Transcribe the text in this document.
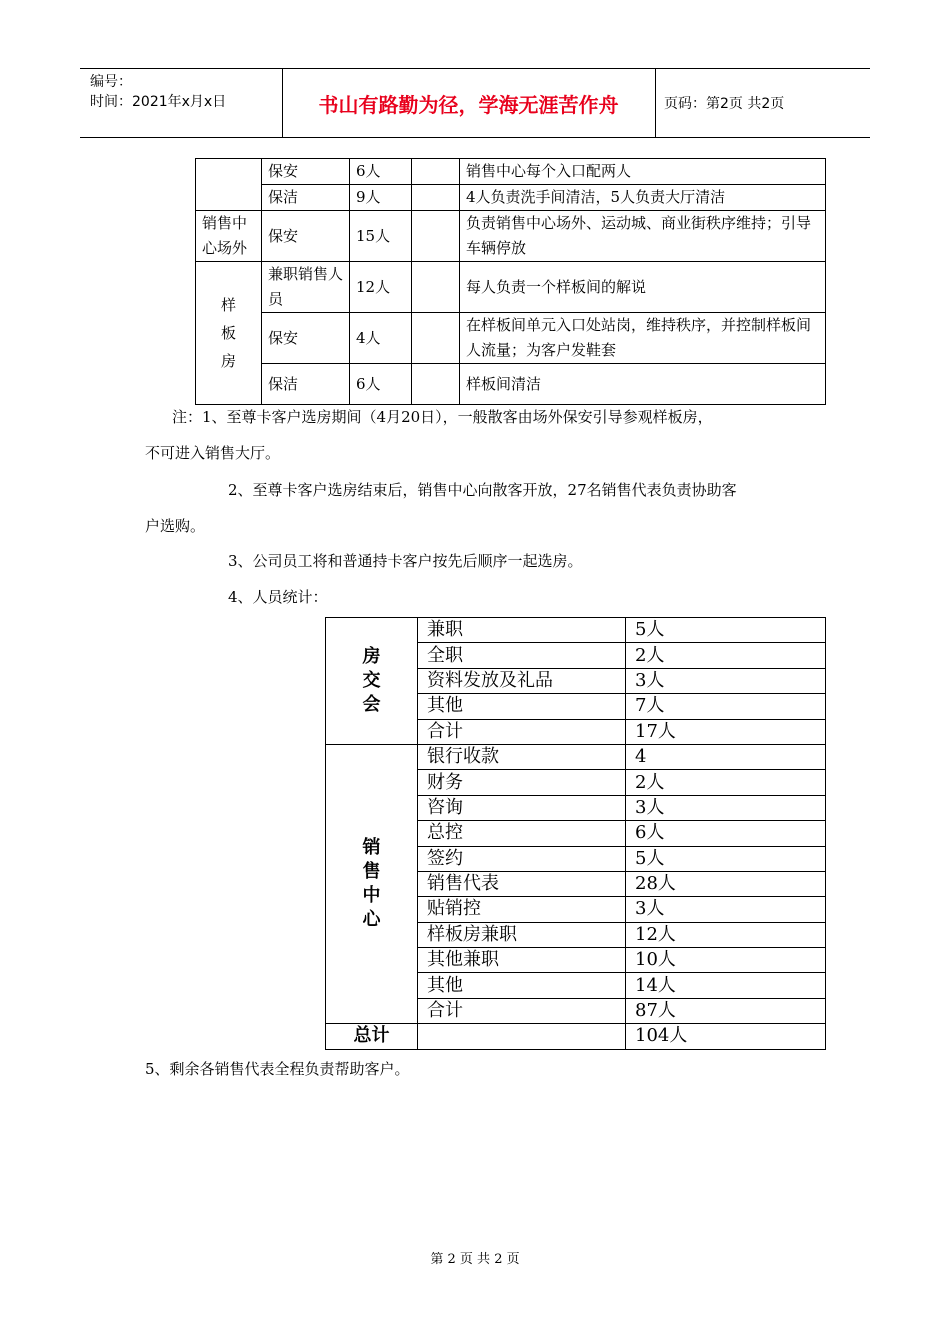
编号：
时间：2021年x月x日	书山有路勤为径，学海无涯苦作舟	页码：第2页 共2页
	保安	6人		销售中心每个入口配两人
	保洁	9人		4人负责洗手间清洁，5人负责大厅清洁
销售中心场外	保安	15人		负责销售中心场外、运动城、商业街秩序维持；引导车辆停放

样板房	兼职销售人员	12人		每人负责一个样板间的解说
	保安	4人		在样板间单元入口处站岗，维持秩序，并控制样板间人流量；为客户发鞋套
	保洁	6人		样板间清洁
注：1、至尊卡客户选房期间（4月20日），一般散客由场外保安引导参观样板房，
不可进入销售大厅。
2、至尊卡客户选房结束后，销售中心向散客开放，27名销售代表负责协助客
户选购。
3、公司员工将和普通持卡客户按先后顺序一起选房。
4、人员统计：
房交会	兼职	5人
	全职	2人
	资料发放及礼品	3人
	其他	7人
	合计	17人

销售中心	银行收款	4
	财务	2人
	咨询	3人
	总控	6人
	签约	5人
	销售代表	28人
	贴销控	3人
	样板房兼职	12人
	其他兼职	10人
	其他	14人
	合计	87人
总计		104人
5、剩余各销售代表全程负责帮助客户。
第 2 页 共 2 页
